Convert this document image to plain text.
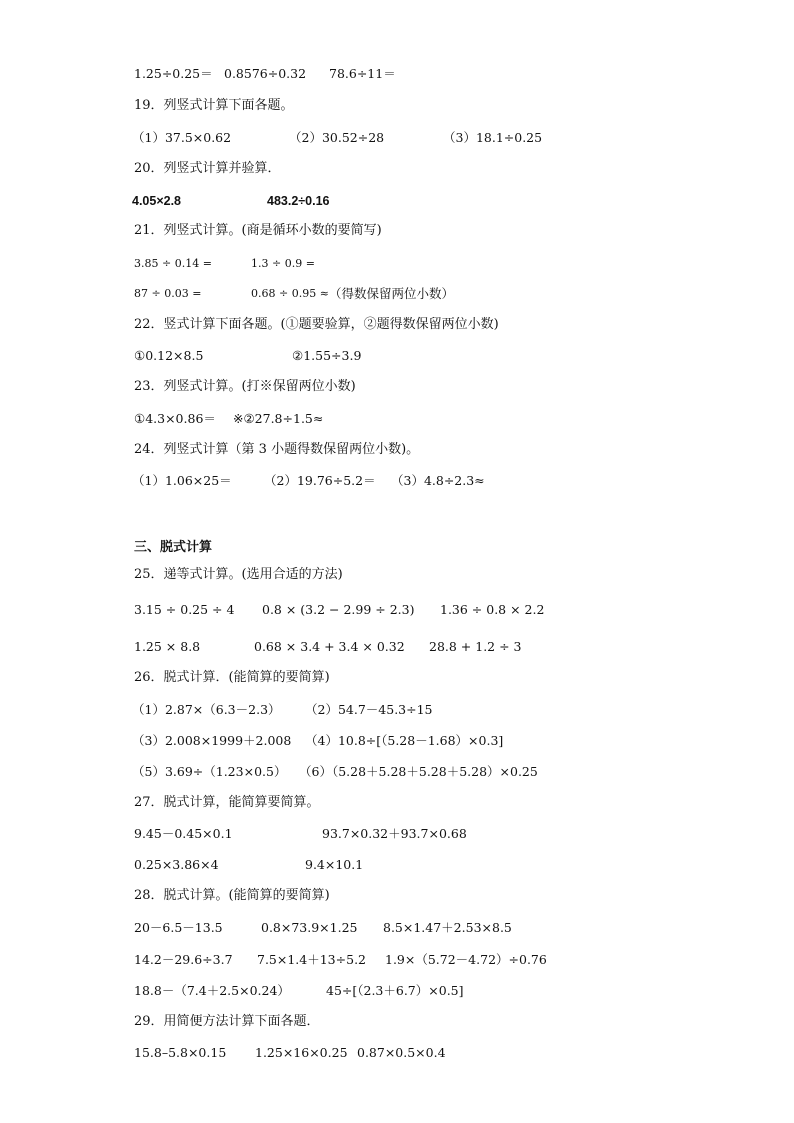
1.25÷0.25＝ 0.8576÷0.32 78.6÷11＝
19．列竖式计算下面各题。
（1）37.5×0.62	（2）30.52÷28	（3）18.1÷0.25
20．列竖式计算并验算．
4.05×2.8	483.2÷0.16
21．列竖式计算。(商是循环小数的要简写)
3.85 ÷ 0.14 =	1.3 ÷ 0.9 =
87 ÷ 0.03 =	0.68 ÷ 0.95 ≈ （得数保留两位小数）
22．竖式计算下面各题。(①题要验算，②题得数保留两位小数)
①0.12×8.5	②1.55÷3.9
23．列竖式计算。(打※保留两位小数)
①4.3×0.86＝ ※②27.8÷1.5≈
24．列竖式计算（第 3 小题得数保留两位小数)。
（1）1.06×25＝	（2）19.76÷5.2＝ （3）4.8÷2.3≈
三、脱式计算
25．递等式计算。(选用合适的方法)
3.15 ÷ 0.25 ÷ 4 0.8 × (3.2 − 2.99 ÷ 2.3) 1.36 ÷ 0.8 × 2.2
1.25 × 8.8	0.68 × 3.4 + 3.4 × 0.32 28.8 + 1.2 ÷ 3
26．脱式计算．(能简算的要简算)
（1）2.87×（6.3－2.3） （2）54.7－45.3÷15
（3）2.008×1999＋2.008 （4）10.8÷[（5.28－1.68）×0.3]
（5）3.69÷（1.23×0.5） （6）（5.28＋5.28＋5.28＋5.28）×0.25
27．脱式计算，能简算要简算。
9.45－0.45×0.1	93.7×0.32＋93.7×0.68
0.25×3.86×4	9.4×10.1
28．脱式计算。(能简算的要简算)
20－6.5－13.5	0.8×73.9×1.25 8.5×1.47＋2.53×8.5
14.2－29.6÷3.7 7.5×1.4＋13÷5.2 1.9×（5.72－4.72）÷0.76
18.8－（7.4＋2.5×0.24）	45÷[（2.3＋6.7）×0.5]
29．用简便方法计算下面各题．
15.8–5.8×0.15 1.25×16×0.25 0.87×0.5×0.4
